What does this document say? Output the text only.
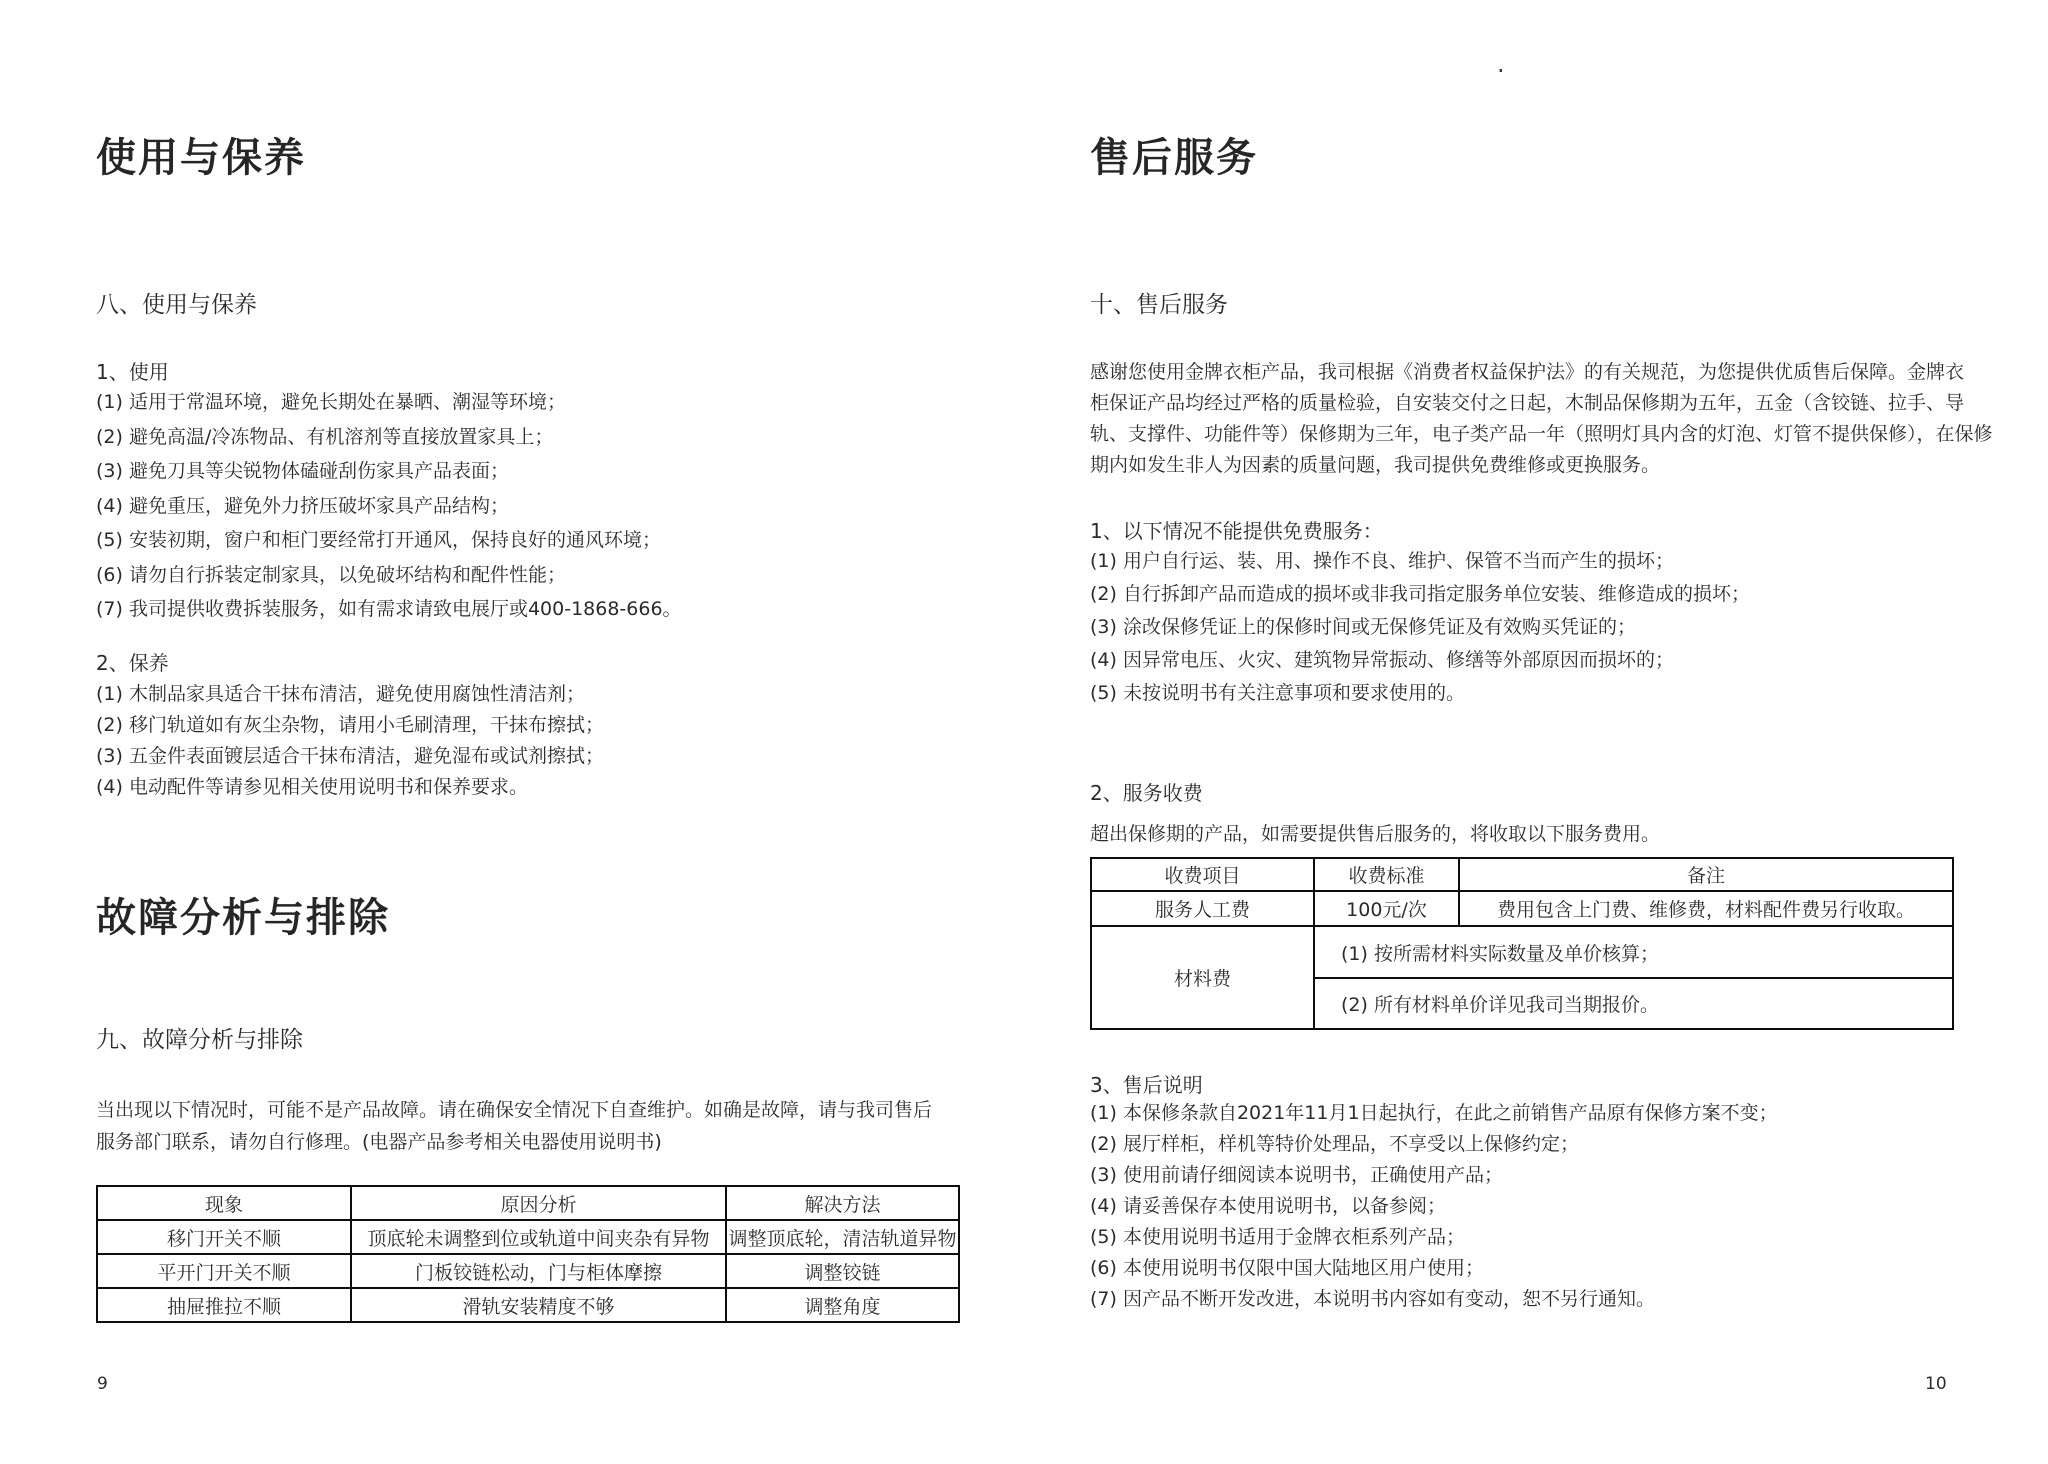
使用与保养
八、使用与保养
1、使用
(1) 适用于常温环境，避免长期处在暴晒、潮湿等环境；
(2) 避免高温/冷冻物品、有机溶剂等直接放置家具上；
(3) 避免刀具等尖锐物体磕碰刮伤家具产品表面；
(4) 避免重压，避免外力挤压破坏家具产品结构；
(5) 安装初期，窗户和柜门要经常打开通风，保持良好的通风环境；
(6) 请勿自行拆装定制家具，以免破坏结构和配件性能；
(7) 我司提供收费拆装服务，如有需求请致电展厅或400-1868-666。
2、保养
(1) 木制品家具适合干抹布清洁，避免使用腐蚀性清洁剂；
(2) 移门轨道如有灰尘杂物，请用小毛刷清理，干抹布擦拭；
(3) 五金件表面镀层适合干抹布清洁，避免湿布或试剂擦拭；
(4) 电动配件等请参见相关使用说明书和保养要求。
故障分析与排除
九、故障分析与排除
当出现以下情况时，可能不是产品故障。请在确保安全情况下自查维护。如确是故障，请与我司售后
服务部门联系，请勿自行修理。(电器产品参考相关电器使用说明书)
现象	原因分析	解决方法
移门开关不顺	顶底轮未调整到位或轨道中间夹杂有异物	调整顶底轮，清洁轨道异物
平开门开关不顺	门板铰链松动，门与柜体摩擦	调整铰链
抽屉推拉不顺	滑轨安装精度不够	调整角度
售后服务
十、售后服务
感谢您使用金牌衣柜产品，我司根据《消费者权益保护法》的有关规范，为您提供优质售后保障。金牌衣
柜保证产品均经过严格的质量检验，自安装交付之日起，木制品保修期为五年，五金（含铰链、拉手、导
轨、支撑件、功能件等）保修期为三年，电子类产品一年（照明灯具内含的灯泡、灯管不提供保修），在保修
期内如发生非人为因素的质量问题，我司提供免费维修或更换服务。
1、以下情况不能提供免费服务：
(1) 用户自行运、装、用、操作不良、维护、保管不当而产生的损坏；
(2) 自行拆卸产品而造成的损坏或非我司指定服务单位安装、维修造成的损坏；
(3) 涂改保修凭证上的保修时间或无保修凭证及有效购买凭证的；
(4) 因异常电压、火灾、建筑物异常振动、修缮等外部原因而损坏的；
(5) 未按说明书有关注意事项和要求使用的。
2、服务收费
超出保修期的产品，如需要提供售后服务的，将收取以下服务费用。
收费项目	收费标准	备注
服务人工费	100元/次	费用包含上门费、维修费，材料配件费另行收取。
材料费	(1) 按所需材料实际数量及单价核算；	
	(2) 所有材料单价详见我司当期报价。	
3、售后说明
(1) 本保修条款自2021年11月1日起执行，在此之前销售产品原有保修方案不变；
(2) 展厅样柜，样机等特价处理品，不享受以上保修约定；
(3) 使用前请仔细阅读本说明书，正确使用产品；
(4) 请妥善保存本使用说明书，以备参阅；
(5) 本使用说明书适用于金牌衣柜系列产品；
(6) 本使用说明书仅限中国大陆地区用户使用；
(7) 因产品不断开发改进，本说明书内容如有变动，恕不另行通知。
9	10
.
